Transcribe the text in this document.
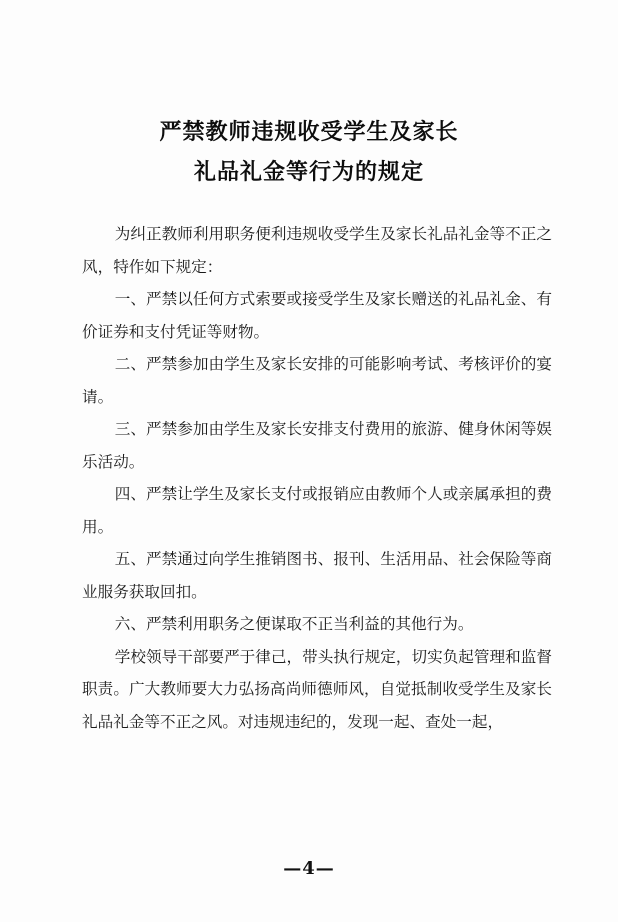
严禁教师违规收受学生及家长
礼品礼金等行为的规定

为纠正教师利用职务便利违规收受学生及家长礼品礼金等不正之风，特作如下规定：

一、严禁以任何方式索要或接受学生及家长赠送的礼品礼金、有价证券和支付凭证等财物。

二、严禁参加由学生及家长安排的可能影响考试、考核评价的宴请。

三、严禁参加由学生及家长安排支付费用的旅游、健身休闲等娱乐活动。

四、严禁让学生及家长支付或报销应由教师个人或亲属承担的费用。

五、严禁通过向学生推销图书、报刊、生活用品、社会保险等商业服务获取回扣。

六、严禁利用职务之便谋取不正当利益的其他行为。

学校领导干部要严于律己，带头执行规定，切实负起管理和监督职责。广大教师要大力弘扬高尚师德师风，自觉抵制收受学生及家长礼品礼金等不正之风。对违规违纪的，发现一起、查处一起，

—4—
